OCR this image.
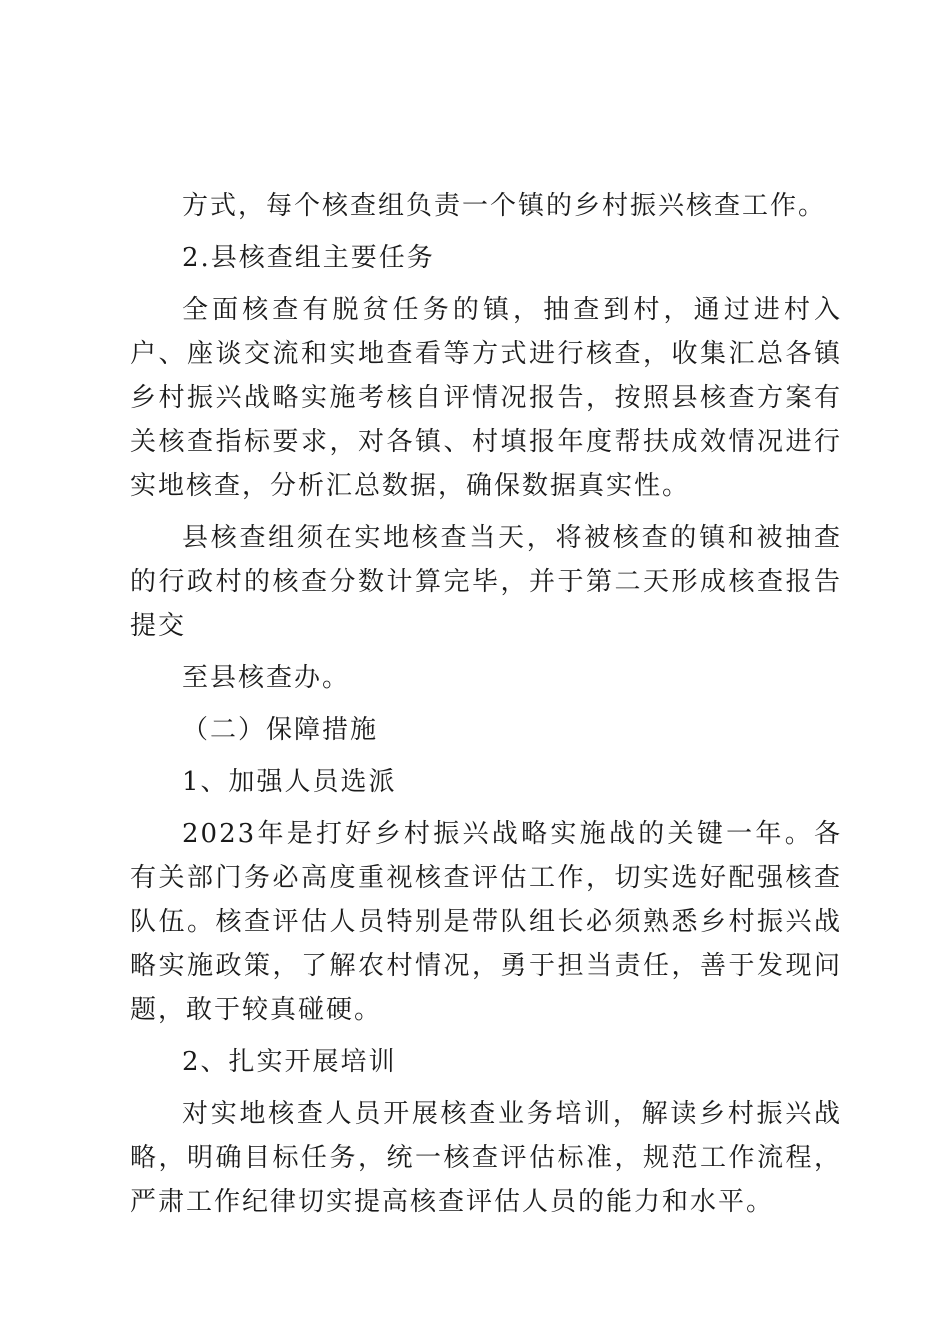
方式，每个核查组负责一个镇的乡村振兴核查工作。

2.县核查组主要任务

全面核查有脱贫任务的镇，抽查到村，通过进村入户、座谈交流和实地查看等方式进行核查，收集汇总各镇乡村振兴战略实施考核自评情况报告，按照县核查方案有关核查指标要求，对各镇、村填报年度帮扶成效情况进行实地核查，分析汇总数据，确保数据真实性。

县核查组须在实地核查当天，将被核查的镇和被抽查的行政村的核查分数计算完毕，并于第二天形成核查报告提交

至县核查办。

（二）保障措施

1、加强人员选派

2023年是打好乡村振兴战略实施战的关键一年。各有关部门务必高度重视核查评估工作，切实选好配强核查队伍。核查评估人员特别是带队组长必须熟悉乡村振兴战略实施政策，了解农村情况，勇于担当责任，善于发现问题，敢于较真碰硬。

2、扎实开展培训

对实地核查人员开展核查业务培训，解读乡村振兴战略，明确目标任务，统一核查评估标准，规范工作流程，严肃工作纪律切实提高核查评估人员的能力和水平。
